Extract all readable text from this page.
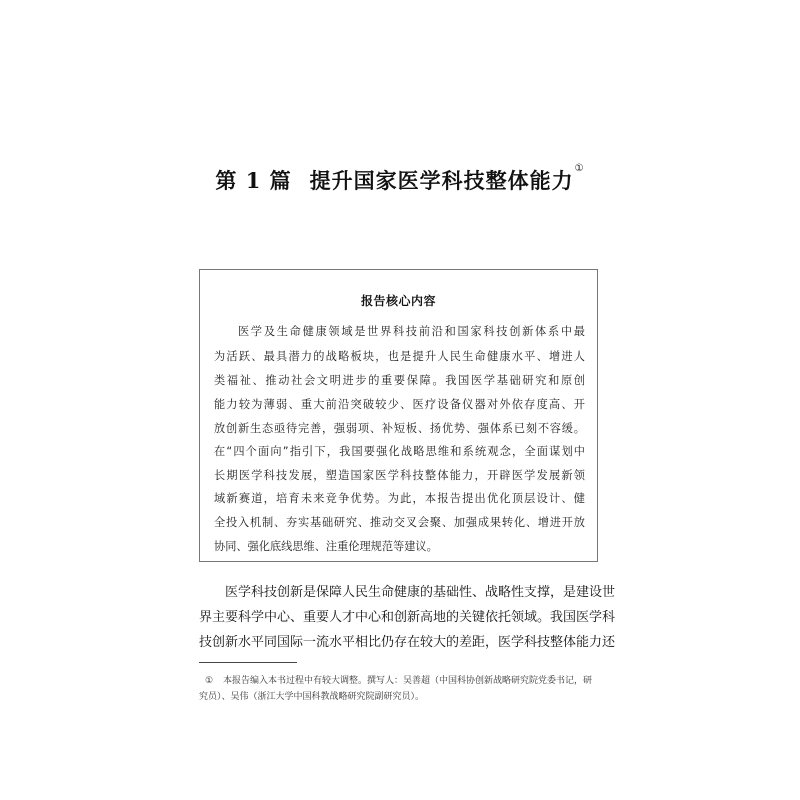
第 1 篇 提升国家医学科技整体能力①
报告核心内容
医学及生命健康领域是世界科技前沿和国家科技创新体系中最
为活跃、最具潜力的战略板块，也是提升人民生命健康水平、增进人
类福祉、推动社会文明进步的重要保障。我国医学基础研究和原创
能力较为薄弱、重大前沿突破较少、医疗设备仪器对外依存度高、开
放创新生态亟待完善，强弱项、补短板、扬优势、强体系已刻不容缓。
在“四个面向”指引下，我国要强化战略思维和系统观念，全面谋划中
长期医学科技发展，塑造国家医学科技整体能力，开辟医学发展新领
域新赛道，培育未来竞争优势。为此，本报告提出优化顶层设计、健
全投入机制、夯实基础研究、推动交叉会聚、加强成果转化、增进开放
协同、强化底线思维、注重伦理规范等建议。
医学科技创新是保障人民生命健康的基础性、战略性支撑，是建设世
界主要科学中心、重要人才中心和创新高地的关键依托领域。我国医学科
技创新水平同国际一流水平相比仍存在较大的差距，医学科技整体能力还
① 本报告编入本书过程中有较大调整。撰写人：吴善超（中国科协创新战略研究院党委书记，研
究员）、吴伟（浙江大学中国科教战略研究院副研究员）。
